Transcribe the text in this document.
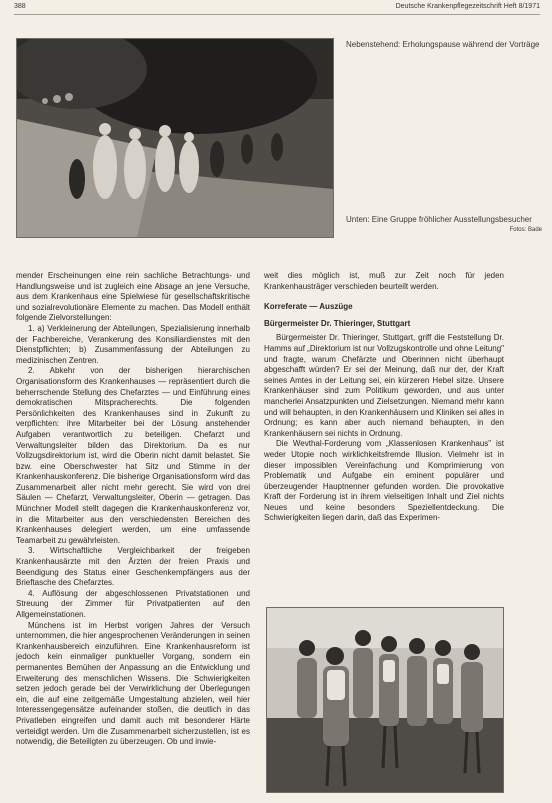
388	Deutsche Krankenpflegezeitschrift Heft 8/1971
Nebenstehend: Erholungspause während der Vorträge
Unten: Eine Gruppe fröhlicher Ausstellungsbesucher
Fotos: Bade

mender Erscheinungen eine rein sachliche Betrachtungs- und Handlungsweise und ist zugleich eine Absage an jene Versuche, aus dem Krankenhaus eine Spielwiese für gesellschaftskritische und sozialrevolutionäre Elemente zu machen. Das Modell enthält folgende Zielvorstellungen:

1. a) Verkleinerung der Abteilungen, Spezialisierung innerhalb der Fachbereiche, Verankerung des Konsiliardienstes mit den Dienstpflichten; b) Zusammenfassung der Abteilungen zu medizinischen Zentren.

2. Abkehr von der bisherigen hierarchischen Organisationsform des Krankenhauses — repräsentiert durch die beherrschende Stellung des Chefarztes — und Einführung eines demokratischen Mitspracherechts. Die folgenden Persönlichkeiten des Krankenhauses sind in Zukunft zu verpflichten: ihre Mitarbeiter bei der Lösung anstehender Aufgaben verantwortlich zu beteiligen. Chefarzt und Verwaltungsleiter bilden das Direktorium. Da es nur Vollzugsdirektorium ist, wird die Oberin nicht damit belastet. Sie bzw. eine Oberschwester hat Sitz und Stimme in der Krankenhauskonferenz. Die bisherige Organisationsform wird das Zusammenarbeit aller nicht mehr gerecht. Sie wird von drei Säulen — Chefarzt, Verwaltungsleiter, Oberin — getragen. Das Münchner Modell stellt dagegen die Krankenhauskonferenz vor, in die Mitarbeiter aus den verschiedensten Bereichen des Krankenhauses delegiert werden, um eine umfassende Teamarbeit zu gewährleisten.

3. Wirtschaftliche Vergleichbarkeit der freigeben Krankenhausärzte mit den Ärzten der freien Praxis und Beendigung des Status einer Geschenkempfängers aus der Brieftasche des Chefarztes.

4. Auflösung der abgeschlossenen Privatstationen und Streuung der Zimmer für Privatpatienten auf den Allgemeinstationen.

Münchens ist im Herbst vorigen Jahres der Versuch unternommen, die hier angesprochenen Veränderungen in seinen Krankenhausbereich einzuführen. Eine Krankenhausreform ist jedoch kein einmaliger punktueller Vorgang, sondern ein permanentes Bemühen der Anpassung an die Entwicklung und Erweiterung des menschlichen Wissens. Die Schwierigkeiten setzen jedoch gerade bei der Verwirklichung der Überlegungen ein, die auf eine zeitgemäße Umgestaltung abzielen, weil hier Interessengegensätze aufeinander stoßen, die deutlich in das Privatleben eingreifen und damit auch mit besonderer Härte verteidigt werden. Um die Zusammenarbeit sicherzustellen, ist es notwendig, die Beteiligten zu überzeugen. Ob und inwie-

weit dies möglich ist, muß zur Zeit noch für jeden Krankenhausträger verschieden beurteilt werden.

Korreferate — Auszüge

Bürgermeister Dr. Thieringer, Stuttgart

Bürgermeister Dr. Thieringer, Stuttgart, griff die Feststellung Dr. Hamms auf „Direktorium ist nur Vollzugskontrolle und ohne Leitung" und fragte, warum Chefärzte und Oberinnen nicht überhaupt abgeschafft würden? Er sei der Meinung, daß nur der, der Kraft seines Amtes in der Leitung sei, ein kürzeren Hebel sitze. Unsere Krankenhäuser sind zum Politikum geworden, und aus unter mancherlei Ansatzpunkten und Zielsetzungen. Niemand mehr kann und will behaupten, in den Krankenhäusern und Kliniken sei alles in Ordnung; es kann aber auch niemand behaupten, in den Krankenhäusern sei nichts in Ordnung.

Die Wevthal-Forderung vom „Klassenlosen Krankenhaus" ist weder Utopie noch wirklichkeitsfremde Illusion. Vielmehr ist in dieser impossiblen Vereinfachung und Komprimierung von Problematik und Aufgabe ein eminent populärer und überzeugender Hauptnenner gefunden worden. Die provokative Kraft der Forderung ist in ihrem vielseitigen Inhalt und Ziel nichts Neues und keine besonders Speziellentdeckung. Die Schwierigkeiten liegen darin, daß das Experimen-
